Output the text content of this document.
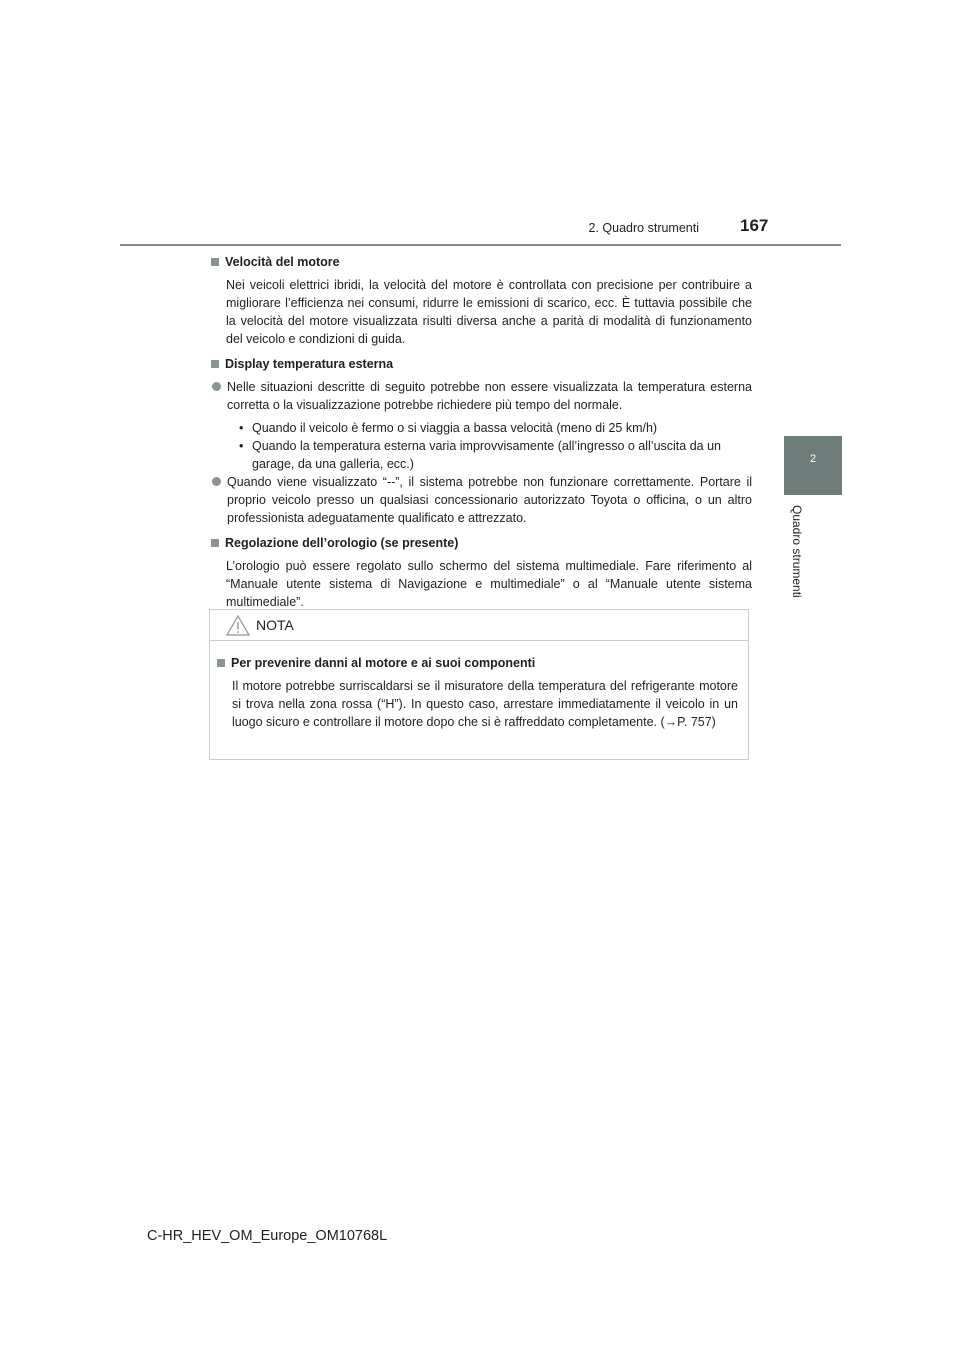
2. Quadro strumenti 167
2
Quadro strumenti
Velocità del motore
Nei veicoli elettrici ibridi, la velocità del motore è controllata con precisione per contribuire a migliorare l’efficienza nei consumi, ridurre le emissioni di scarico, ecc. È tuttavia possibile che la velocità del motore visualizzata risulti diversa anche a parità di modalità di funzionamento del veicolo e condizioni di guida.
Display temperatura esterna
Nelle situazioni descritte di seguito potrebbe non essere visualizzata la temperatura esterna corretta o la visualizzazione potrebbe richiedere più tempo del normale.
• Quando il veicolo è fermo o si viaggia a bassa velocità (meno di 25 km/h)
• Quando la temperatura esterna varia improvvisamente (all’ingresso o all’uscita da un garage, da una galleria, ecc.)
Quando viene visualizzato “--”, il sistema potrebbe non funzionare correttamente. Portare il proprio veicolo presso un qualsiasi concessionario autorizzato Toyota o officina, o un altro professionista adeguatamente qualificato e attrezzato.
Regolazione dell’orologio (se presente)
L’orologio può essere regolato sullo schermo del sistema multimediale. Fare riferimento al “Manuale utente sistema di Navigazione e multimediale” o al “Manuale utente sistema multimediale”.
NOTA
Per prevenire danni al motore e ai suoi componenti
Il motore potrebbe surriscaldarsi se il misuratore della temperatura del refrigerante motore si trova nella zona rossa (“H”). In questo caso, arrestare immediatamente il veicolo in un luogo sicuro e controllare il motore dopo che si è raffreddato completamente. (→P. 757)
C-HR_HEV_OM_Europe_OM10768L
